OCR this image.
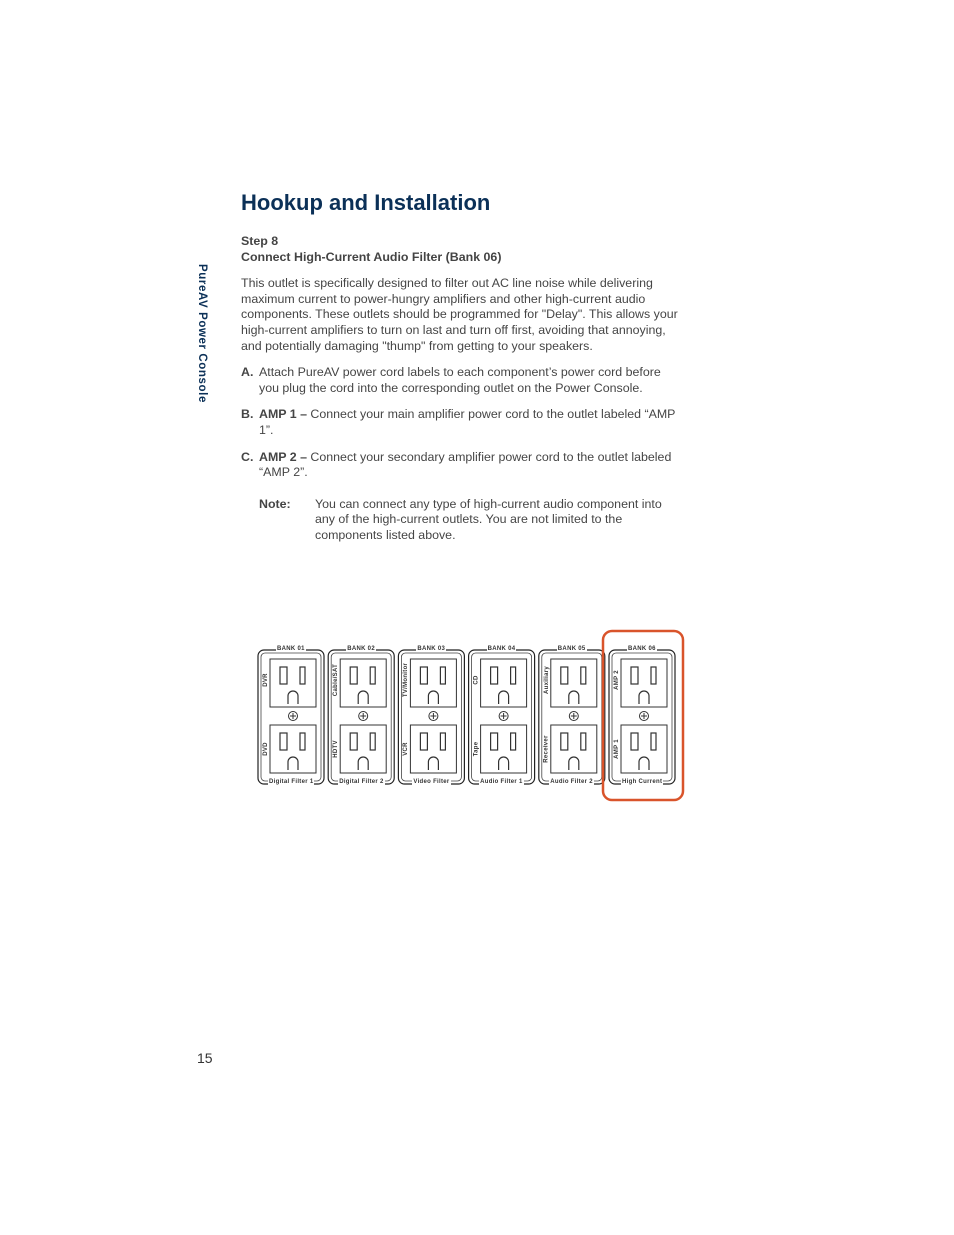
PureAV Power Console
Hookup and Installation
Step 8
Connect High-Current Audio Filter (Bank 06)
This outlet is specifically designed to filter out AC line noise while delivering maximum current to power-hungry amplifiers and other high-current audio components. These outlets should be programmed for "Delay". This allows your high-current amplifiers to turn on last and turn off first, avoiding that annoying, and potentially damaging "thump" from getting to your speakers.
A. Attach PureAV power cord labels to each component’s power cord before you plug the cord into the corresponding outlet on the Power Console.
B. AMP 1 – Connect your main amplifier power cord to the outlet labeled “AMP 1”.
C. AMP 2 – Connect your secondary amplifier power cord to the outlet labeled “AMP 2”.
Note: You can connect any type of high-current audio component into any of the high-current outlets. You are not limited to the components listed above.
BANK 01
Digital Filter 1
DVR
DVD
BANK 02
Digital Filter 2
Cable/SAT
HDTV
BANK 03
Video Filter
TV/Monitor
VCR
BANK 04
Audio Filter 1
CD
Tape
BANK 05
Audio Filter 2
Auxiliary
Receiver
BANK 06
High Current
AMP 2
AMP 1
15
